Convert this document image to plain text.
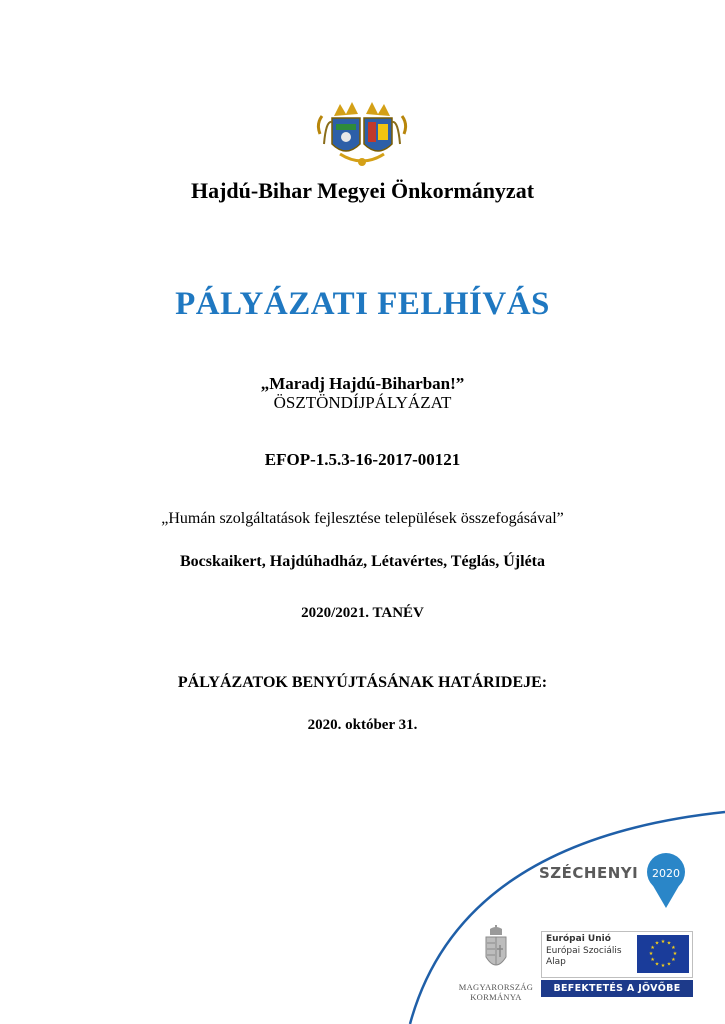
Hajdú-Bihar Megyei Önkormányzat
PÁLYÁZATI FELHÍVÁS
„Maradj Hajdú-Biharban!”
ÖSZTÖNDÍJPÁLYÁZAT
EFOP-1.5.3-16-2017-00121
„Humán szolgáltatások fejlesztése települések összefogásával”
Bocskaikert, Hajdúhadház, Létavértes, Téglás, Újléta
2020/2021. TANÉV
PÁLYÁZATOK BENYÚJTÁSÁNAK HATÁRIDEJE:
2020. október 31.
SZÉCHENYI 2020
MAGYARORSZÁG
KORMÁNYA
Európai Unió
Európai Szociális
Alap
★ ★
★
★
★
★
★
★
★
★
★
★
BEFEKTETÉS A JÖVŐBE
